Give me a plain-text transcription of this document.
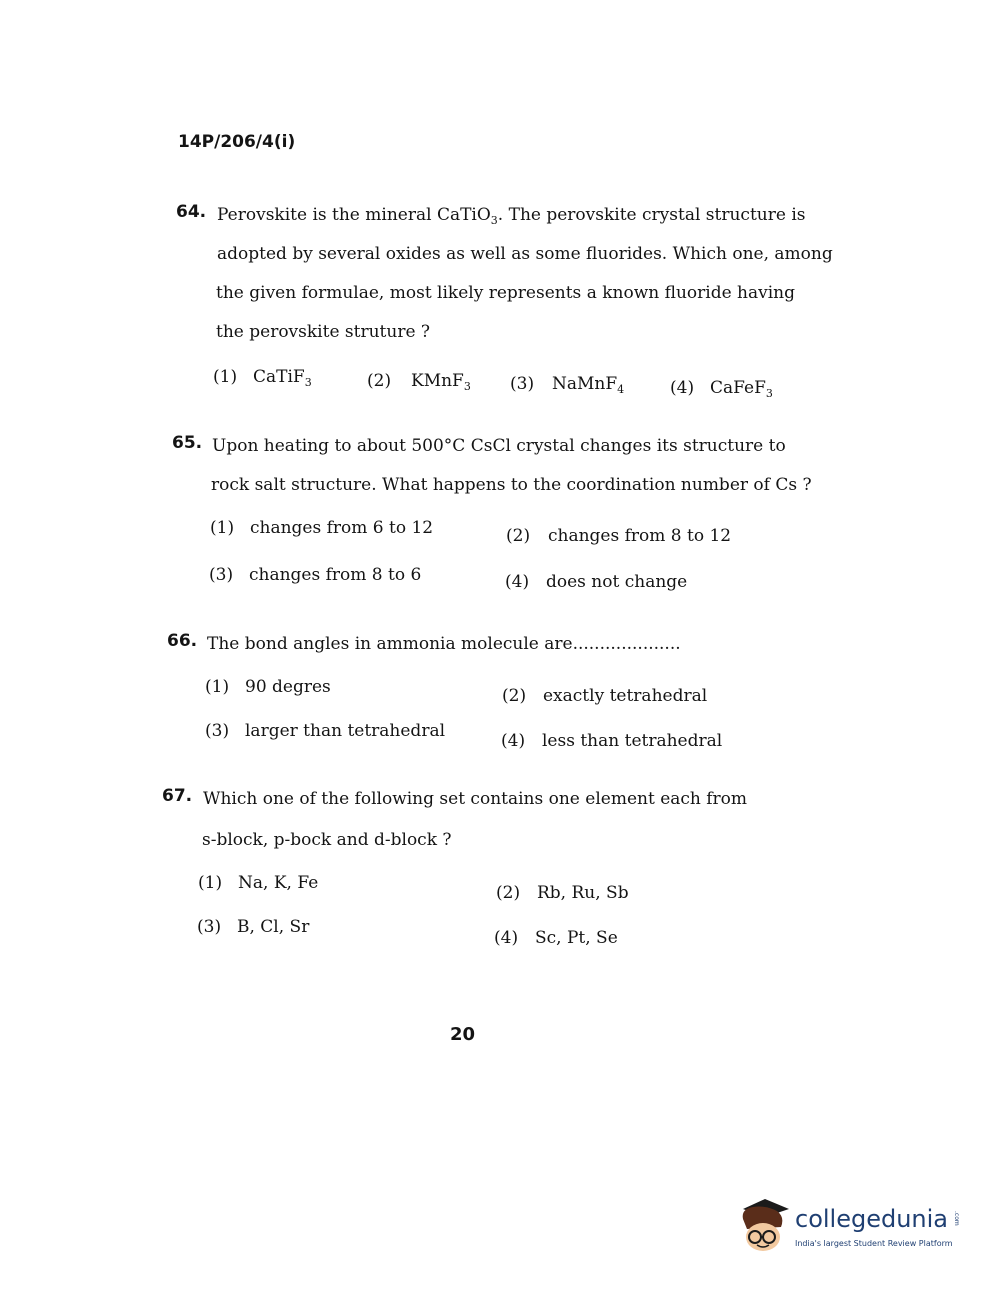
14P/206/4(i)
64. Perovskite is the mineral CaTiO$_3$. The perovskite crystal structure is
adopted by several oxides as well as some fluorides. Which one, among
the given formulae, most likely represents a known fluoride having
the perovskite struture ?
(1) CaTiF$_3$	(2) KMnF$_3$ (3) NaMnF$_4$	(4) CaFeF$_3$
65. Upon heating to about 500°C CsCl crystal changes its structure to
rock salt structure. What happens to the coordination number of Cs ?
(1) changes from 6 to 12	(2) changes from 8 to 12
(3) changes from 8 to 6	(4) does not change
66. The bond angles in ammonia molecule are....................
(1) 90 degres	(2) exactly tetrahedral
(3) larger than tetrahedral	(4) less than tetrahedral
67. Which one of the following set contains one element each from
s-block, p-bock and d-block ?
(1) Na, K, Fe	(2) Rb, Ru, Sb
(3) B, Cl, Sr
(4) Sc, Pt, Se
20
collegedunia .com
India's largest Student Review Platform
